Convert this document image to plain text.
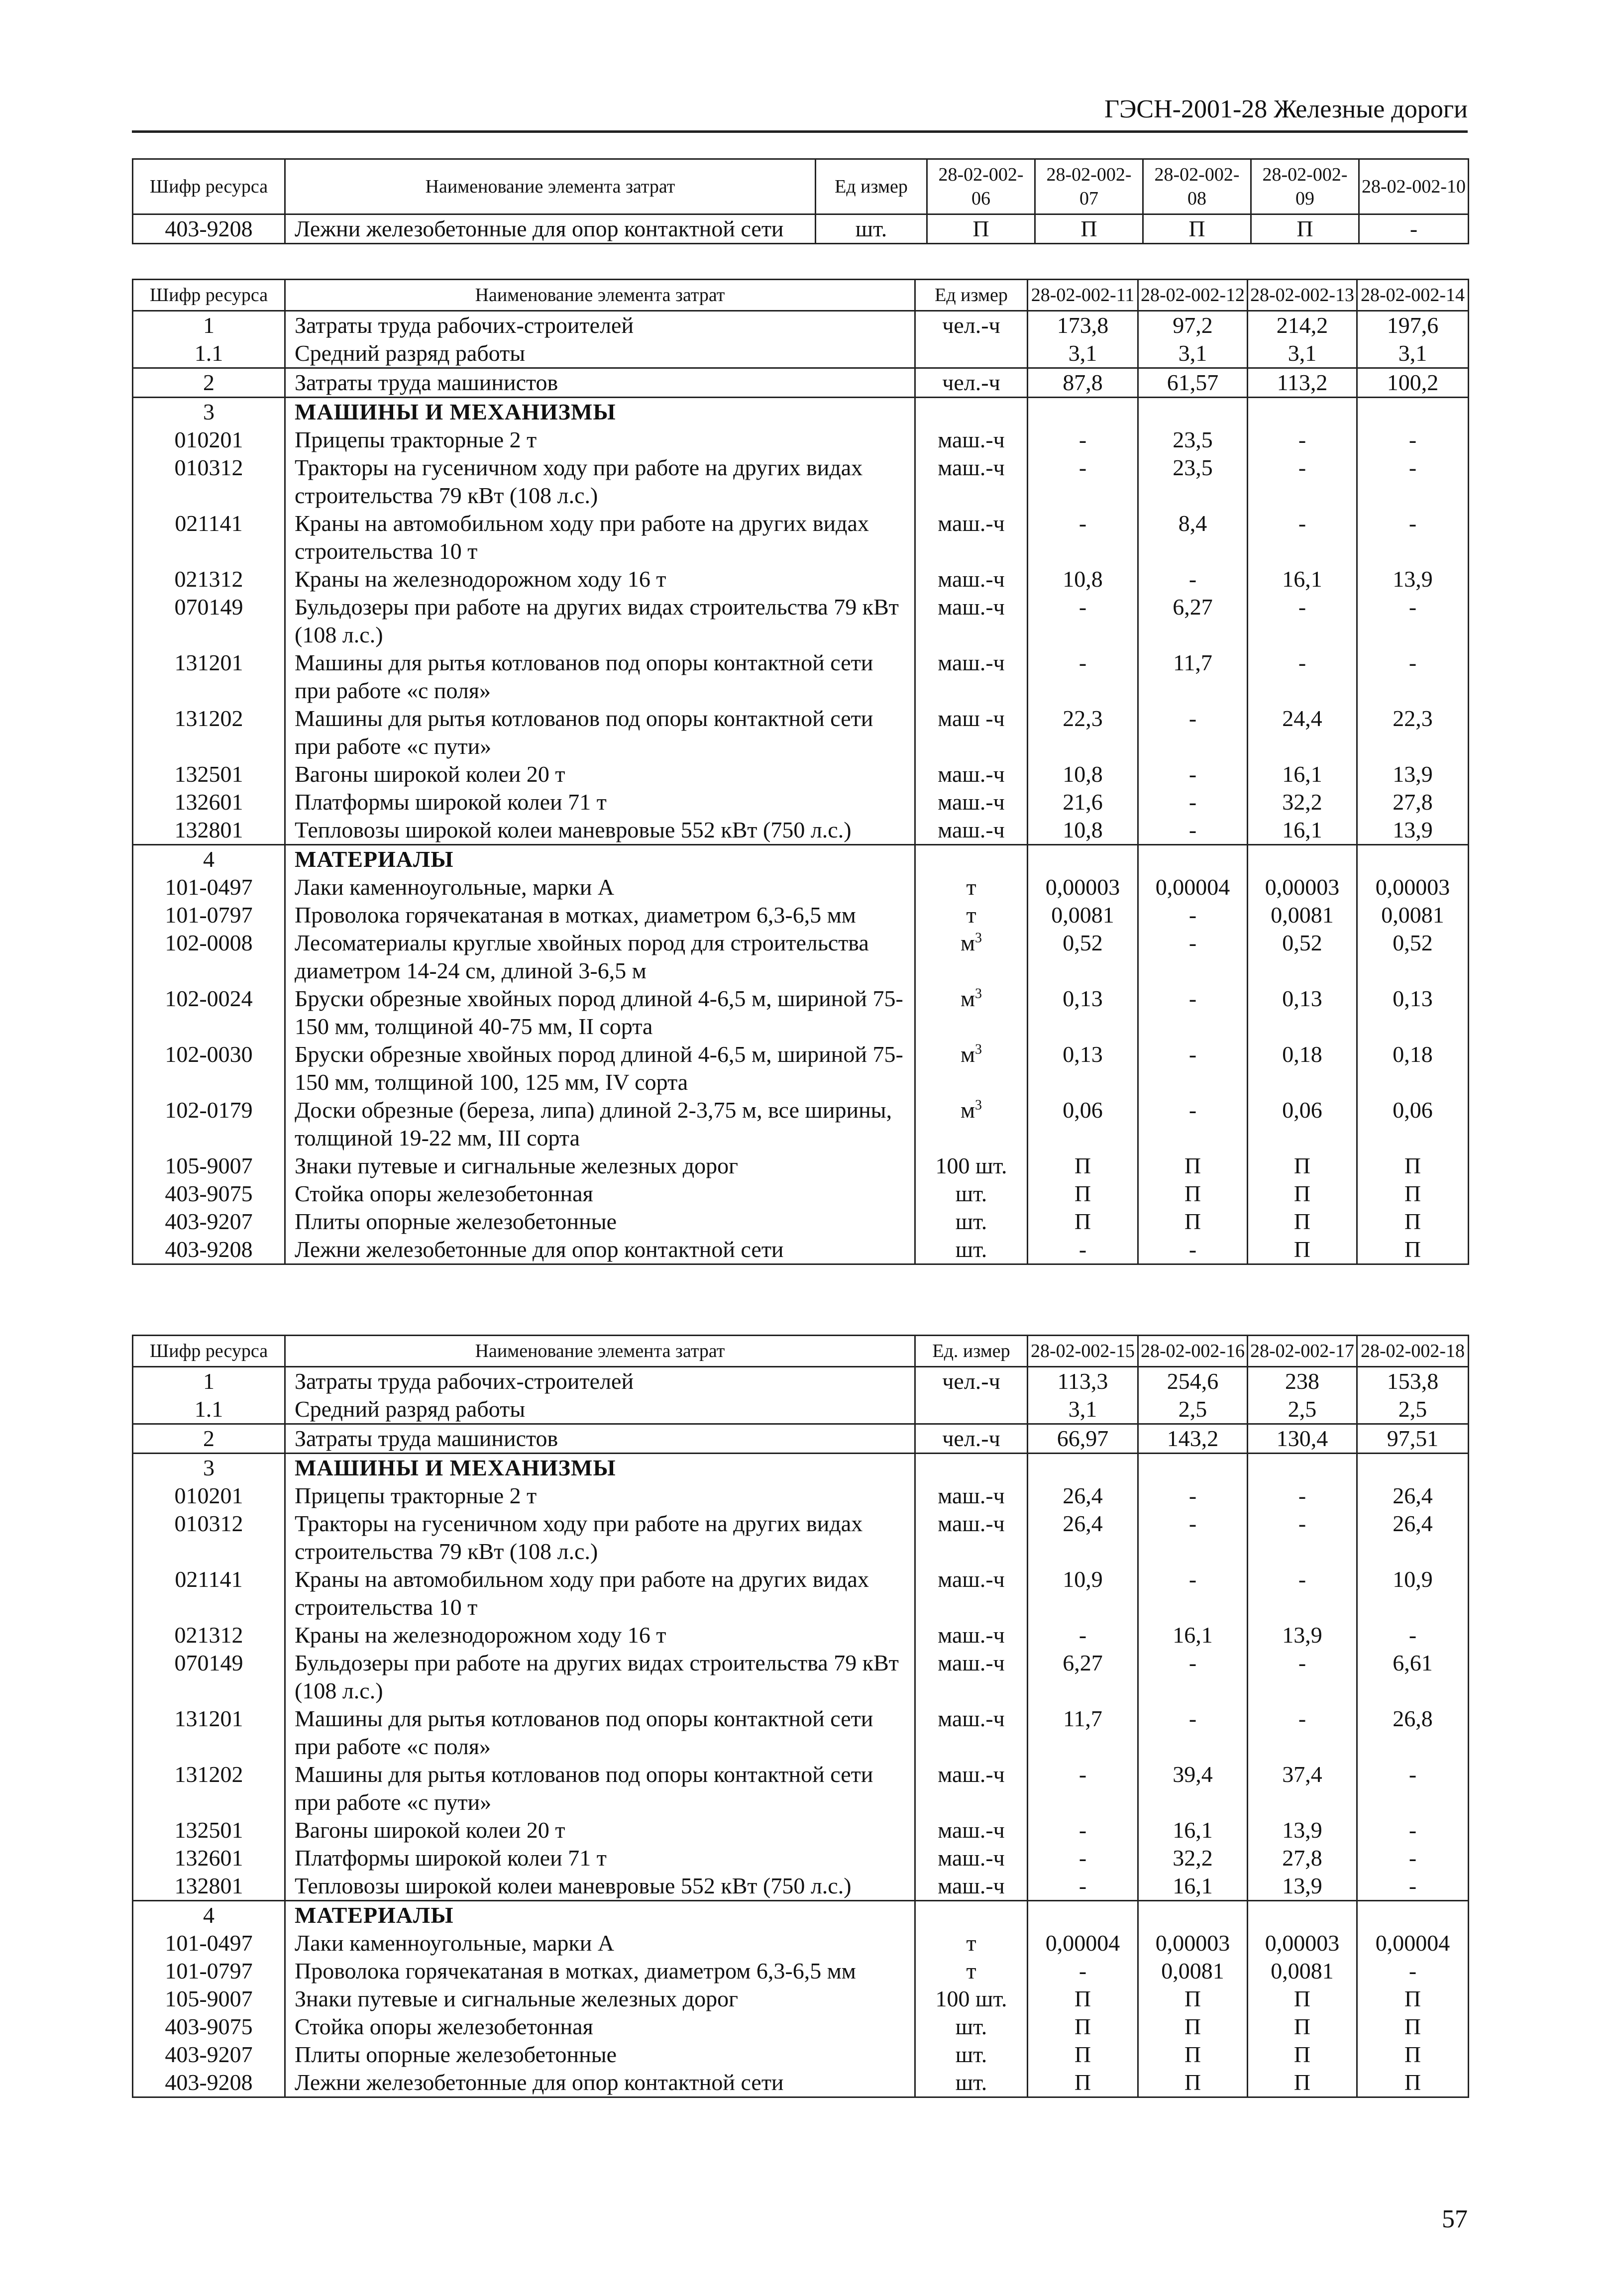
ГЭСН-2001-28 Железные дороги
Шифр ресурса	Наименование элемента затрат	Ед измер	28-02-002-06	28-02-002-07	28-02-002-08	28-02-002-09	28-02-002-10
403-9208	Лежни железобетонные для опор контактной сети	шт.	П	П	П	П	-
Шифр ресурса	Наименование элемента затрат	Ед измер	28-02-002-11	28-02-002-12	28-02-002-13	28-02-002-14
1	Затраты труда рабочих-строителей	чел.-ч	173,8	97,2	214,2	197,6
1.1	Средний разряд работы		3,1	3,1	3,1	3,1
2	Затраты труда машинистов	чел.-ч	87,8	61,57	113,2	100,2
3	МАШИНЫ И МЕХАНИЗМЫ					
010201	Прицепы тракторные 2 т	маш.-ч	-	23,5	-	-
010312	Тракторы на гусеничном ходу при работе на других видах строительства 79 кВт (108 л.с.)	маш.-ч	-	23,5	-	-
021141	Краны на автомобильном ходу при работе на других видах строительства 10 т	маш.-ч	-	8,4	-	-
021312	Краны на железнодорожном ходу 16 т	маш.-ч	10,8	-	16,1	13,9
070149	Бульдозеры при работе на других видах строительства 79 кВт (108 л.с.)	маш.-ч	-	6,27	-	-
131201	Машины для рытья котлованов под опоры контактной сети при работе «с поля»	маш.-ч	-	11,7	-	-
131202	Машины для рытья котлованов под опоры контактной сети при работе «с пути»	маш -ч	22,3	-	24,4	22,3
132501	Вагоны широкой колеи 20 т	маш.-ч	10,8	-	16,1	13,9
132601	Платформы широкой колеи 71 т	маш.-ч	21,6	-	32,2	27,8
132801	Тепловозы широкой колеи маневровые 552 кВт (750 л.с.)	маш.-ч	10,8	-	16,1	13,9
4	МАТЕРИАЛЫ					
101-0497	Лаки каменноугольные, марки А	т	0,00003	0,00004	0,00003	0,00003
101-0797	Проволока горячекатаная в мотках, диаметром 6,3-6,5 мм	т	0,0081	-	0,0081	0,0081
102-0008	Лесоматериалы круглые хвойных пород для строительства диаметром 14-24 см, длиной 3-6,5 м	$м^3$	0,52	-	0,52	0,52
102-0024	Бруски обрезные хвойных пород длиной 4-6,5 м, шириной 75-150 мм, толщиной 40-75 мм, II сорта	$м^3$	0,13	-	0,13	0,13
102-0030	Бруски обрезные хвойных пород длиной 4-6,5 м, шириной 75-150 мм, толщиной 100, 125 мм, IV сорта	$м^3$	0,13	-	0,18	0,18
102-0179	Доски обрезные (береза, липа) длиной 2-3,75 м, все ширины, толщиной 19-22 мм, III сорта	$м^3$	0,06	-	0,06	0,06
105-9007	Знаки путевые и сигнальные железных дорог	100 шт.	П	П	П	П
403-9075	Стойка опоры железобетонная	шт.	П	П	П	П
403-9207	Плиты опорные железобетонные	шт.	П	П	П	П
403-9208	Лежни железобетонные для опор контактной сети	шт.	-	-	П	П
Шифр ресурса	Наименование элемента затрат	Ед. измер	28-02-002-15	28-02-002-16	28-02-002-17	28-02-002-18
1	Затраты труда рабочих-строителей	чел.-ч	113,3	254,6	238	153,8
1.1	Средний разряд работы		3,1	2,5	2,5	2,5
2	Затраты труда машинистов	чел.-ч	66,97	143,2	130,4	97,51
3	МАШИНЫ И МЕХАНИЗМЫ					
010201	Прицепы тракторные 2 т	маш.-ч	26,4	-	-	26,4
010312	Тракторы на гусеничном ходу при работе на других видах строительства 79 кВт (108 л.с.)	маш.-ч	26,4	-	-	26,4
021141	Краны на автомобильном ходу при работе на других видах строительства 10 т	маш.-ч	10,9	-	-	10,9
021312	Краны на железнодорожном ходу 16 т	маш.-ч	-	16,1	13,9	-
070149	Бульдозеры при работе на других видах строительства 79 кВт (108 л.с.)	маш.-ч	6,27	-	-	6,61
131201	Машины для рытья котлованов под опоры контактной сети при работе «с поля»	маш.-ч	11,7	-	-	26,8
131202	Машины для рытья котлованов под опоры контактной сети при работе «с пути»	маш.-ч	-	39,4	37,4	-
132501	Вагоны широкой колеи 20 т	маш.-ч	-	16,1	13,9	-
132601	Платформы широкой колеи 71 т	маш.-ч	-	32,2	27,8	-
132801	Тепловозы широкой колеи маневровые 552 кВт (750 л.с.)	маш.-ч	-	16,1	13,9	-
4	МАТЕРИАЛЫ					
101-0497	Лаки каменноугольные, марки А	т	0,00004	0,00003	0,00003	0,00004
101-0797	Проволока горячекатаная в мотках, диаметром 6,3-6,5 мм	т	-	0,0081	0,0081	-
105-9007	Знаки путевые и сигнальные железных дорог	100 шт.	П	П	П	П
403-9075	Стойка опоры железобетонная	шт.	П	П	П	П
403-9207	Плиты опорные железобетонные	шт.	П	П	П	П
403-9208	Лежни железобетонные для опор контактной сети	шт.	П	П	П	П
57
